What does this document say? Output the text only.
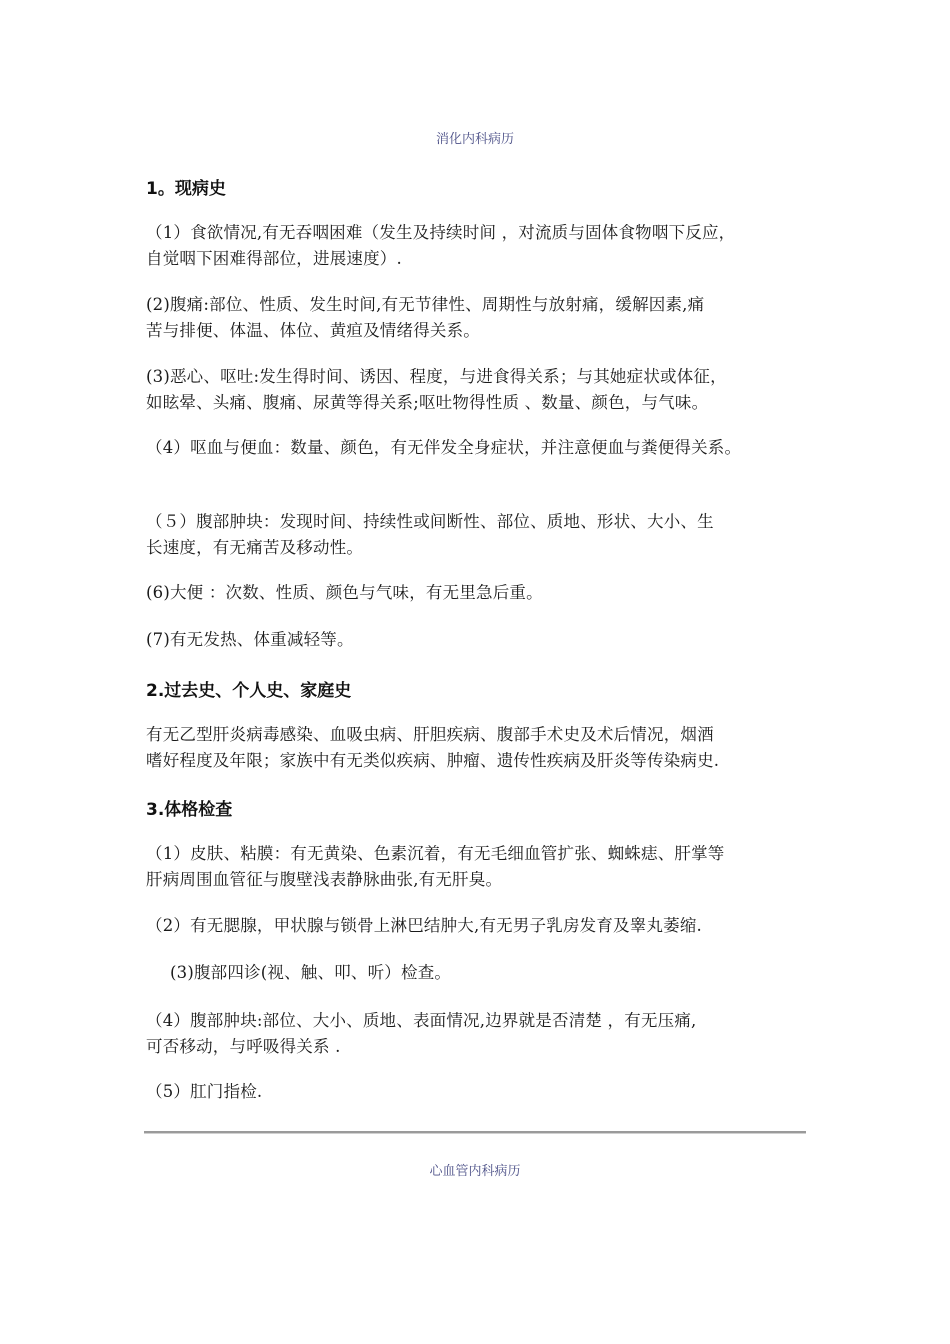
消化内科病历
1。现病史
（1）食欲情况,有无吞咽困难（发生及持续时间 ，对流质与固体食物咽下反应，
自觉咽下困难得部位，进展速度）.
(2)腹痛:部位、性质、发生时间,有无节律性、周期性与放射痛，缓解因素,痛
苦与排便、体温、体位、黄疸及情绪得关系。
(3)恶心、呕吐:发生得时间、诱因、程度，与进食得关系；与其她症状或体征，
如眩晕、头痛、腹痛、尿黄等得关系;呕吐物得性质 、数量、颜色，与气味。
（4）呕血与便血：数量、颜色，有无伴发全身症状，并注意便血与粪便得关系。
（５）腹部肿块：发现时间、持续性或间断性、部位、质地、形状、大小、生
长速度，有无痛苦及移动性。
(6)大便 ：次数、性质、颜色与气味，有无里急后重。
(7)有无发热、体重减轻等。
2.过去史、个人史、家庭史
有无乙型肝炎病毒感染、血吸虫病、肝胆疾病、腹部手术史及术后情况，烟酒
嗜好程度及年限；家族中有无类似疾病、肿瘤、遗传性疾病及肝炎等传染病史.
3.体格检查
（1）皮肤、粘膜：有无黄染、色素沉着，有无毛细血管扩张、蜘蛛痣、肝掌等
肝病周围血管征与腹壁浅表静脉曲张,有无肝臭。
（2）有无腮腺，甲状腺与锁骨上淋巴结肿大,有无男子乳房发育及睾丸萎缩.
(3)腹部四诊(视、触、叩、听）检查。
（4）腹部肿块:部位、大小、质地、表面情况,边界就是否清楚 ，有无压痛,
可否移动，与呼吸得关系 .
（5）肛门指检.
心血管内科病历
